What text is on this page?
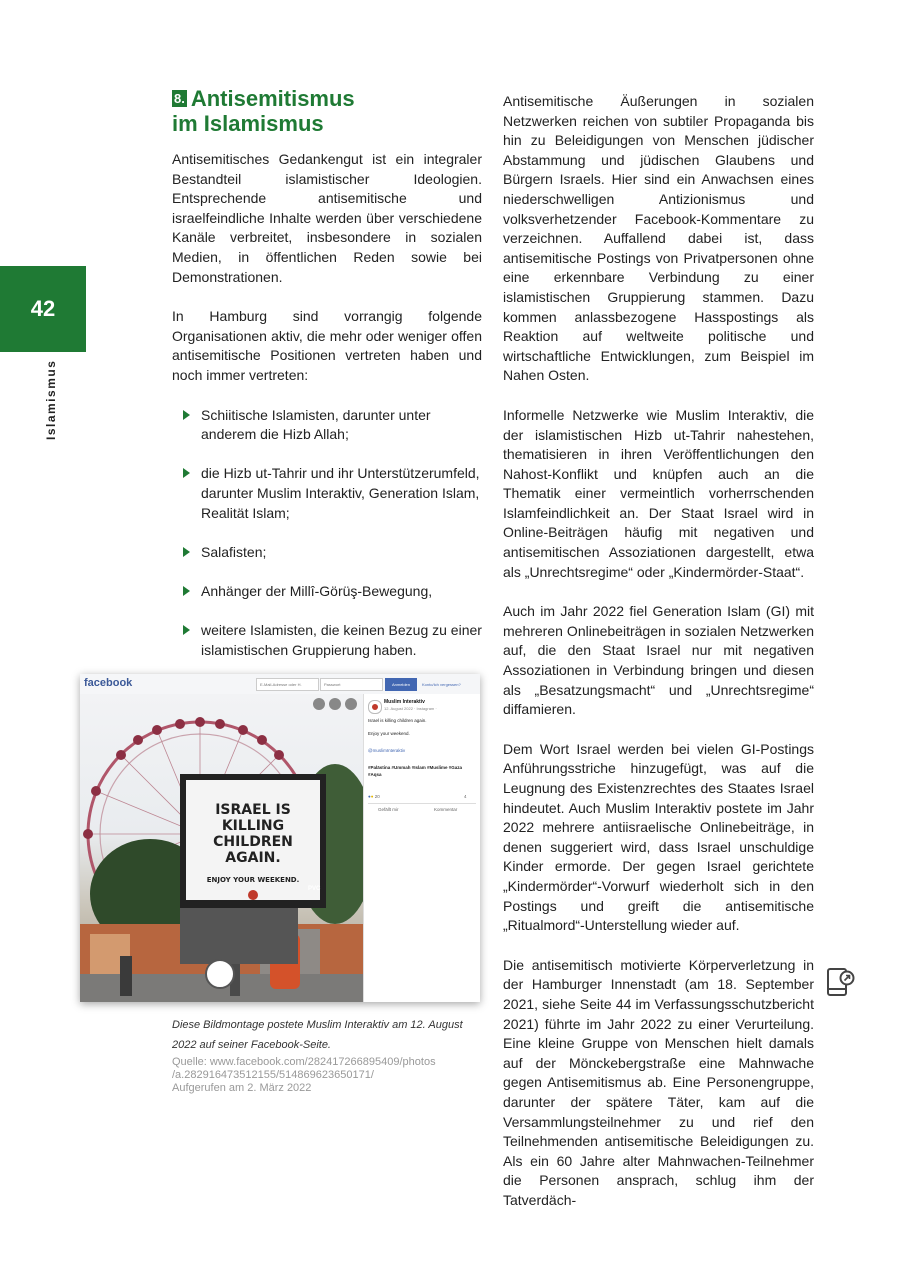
42
Islamismus
8. Antisemitismus
im Islamismus

Antisemitisches Gedankengut ist ein integraler Bestandteil islamistischer Ideologien. Entsprechende antisemitische und israelfeindliche Inhalte werden über verschiedene Kanäle verbreitet, insbesondere in sozialen Medien, in öffentlichen Reden sowie bei Demonstrationen.

In Hamburg sind vorrangig folgende Organisationen aktiv, die mehr oder weniger offen antisemitische Positionen vertreten haben und noch immer vertreten:

Schiitische Islamisten, darunter unter anderem die Hizb Allah;
die Hizb ut-Tahrir und ihr Unterstützerumfeld, darunter Muslim Interaktiv, Generation Islam, Realität Islam;
Salafisten;
Anhänger der Millî-Görüş-Bewegung,
weitere Islamisten, die keinen Bezug zu einer islamistischen Gruppierung haben.
facebook	E-Mail-Adresse oder H.	Passwort	Anmelden	Konto/Ich vergessen?
ISRAEL IS KILLING
CHILDREN AGAIN.
ENJOY YOUR WEEKEND.
PVC
Muslim Interaktiv
12. August 2022 · Instagram ·
Israel is killing children again.
Enjoy your weekend.
@muslimInteraktiv
#Palästina #Ummah #Islam #Muslime #Gaza #Aqsa
●● 20	4
Gefällt mir	Kommentar
Diese Bildmontage postete Muslim Interaktiv am 12. August 2022 auf seiner Facebook-Seite.
Quelle: www.facebook.com/282417266895409/photos
/a.282916473512155/514869623650171/
Aufgerufen am 2. März 2022

Antisemitische Äußerungen in sozialen Netzwerken reichen von subtiler Propaganda bis hin zu Beleidigungen von Menschen jüdischer Abstammung und jüdischen Glaubens und Bürgern Israels. Hier sind ein Anwachsen eines niederschwelligen Antizionismus und volksverhetzender Facebook-Kommentare zu verzeichnen. Auffallend dabei ist, dass antisemitische Postings von Privatpersonen ohne eine erkennbare Verbindung zu einer islamistischen Gruppierung stammen. Dazu kommen anlassbezogene Hasspostings als Reaktion auf weltweite politische und wirtschaftliche Entwicklungen, zum Beispiel im Nahen Osten.

Informelle Netzwerke wie Muslim Interaktiv, die der islamistischen Hizb ut-Tahrir nahestehen, thematisieren in ihren Veröffentlichungen den Nahost-Konflikt und knüpfen auch an die Thematik einer vermeintlich vorherrschenden Islamfeindlichkeit an. Der Staat Israel wird in Online-Beiträgen häufig mit negativen und antisemitischen Assoziationen dargestellt, etwa als „Unrechtsregime“ oder „Kindermörder-Staat“.

Auch im Jahr 2022 fiel Generation Islam (GI) mit mehreren Onlinebeiträgen in sozialen Netzwerken auf, die den Staat Israel nur mit negativen Assoziationen in Verbindung bringen und diesen als „Besatzungsmacht“ und „Unrechtsregime“ diffamieren.

Dem Wort Israel werden bei vielen GI-Postings Anführungsstriche hinzugefügt, was auf die Leugnung des Existenzrechtes des Staates Israel hindeutet. Auch Muslim Interaktiv postete im Jahr 2022 mehrere antiisraelische Onlinebeiträge, in denen suggeriert wird, dass Israel unschuldige Kinder ermorde. Der gegen Israel gerichtete „Kindermörder“-Vorwurf wiederholt sich in den Postings und greift die antisemitische „Ritualmord“-Unterstellung wieder auf.

Die antisemitisch motivierte Körperverletzung in der Hamburger Innenstadt (am 18. September 2021, siehe Seite 44 im Verfassungsschutzbericht 2021) führte im Jahr 2022 zu einer Verurteilung. Eine kleine Gruppe von Menschen hielt damals auf der Mönckebergstraße eine Mahnwache gegen Antisemitismus ab. Eine Personengruppe, darunter der spätere Täter, kam auf die Versammlungsteilnehmer zu und rief den Teilnehmenden antisemitische Beleidigungen zu. Als ein 60 Jahre alter Mahnwachen-Teilnehmer die Personen ansprach, schlug ihm der Tatverdäch-
